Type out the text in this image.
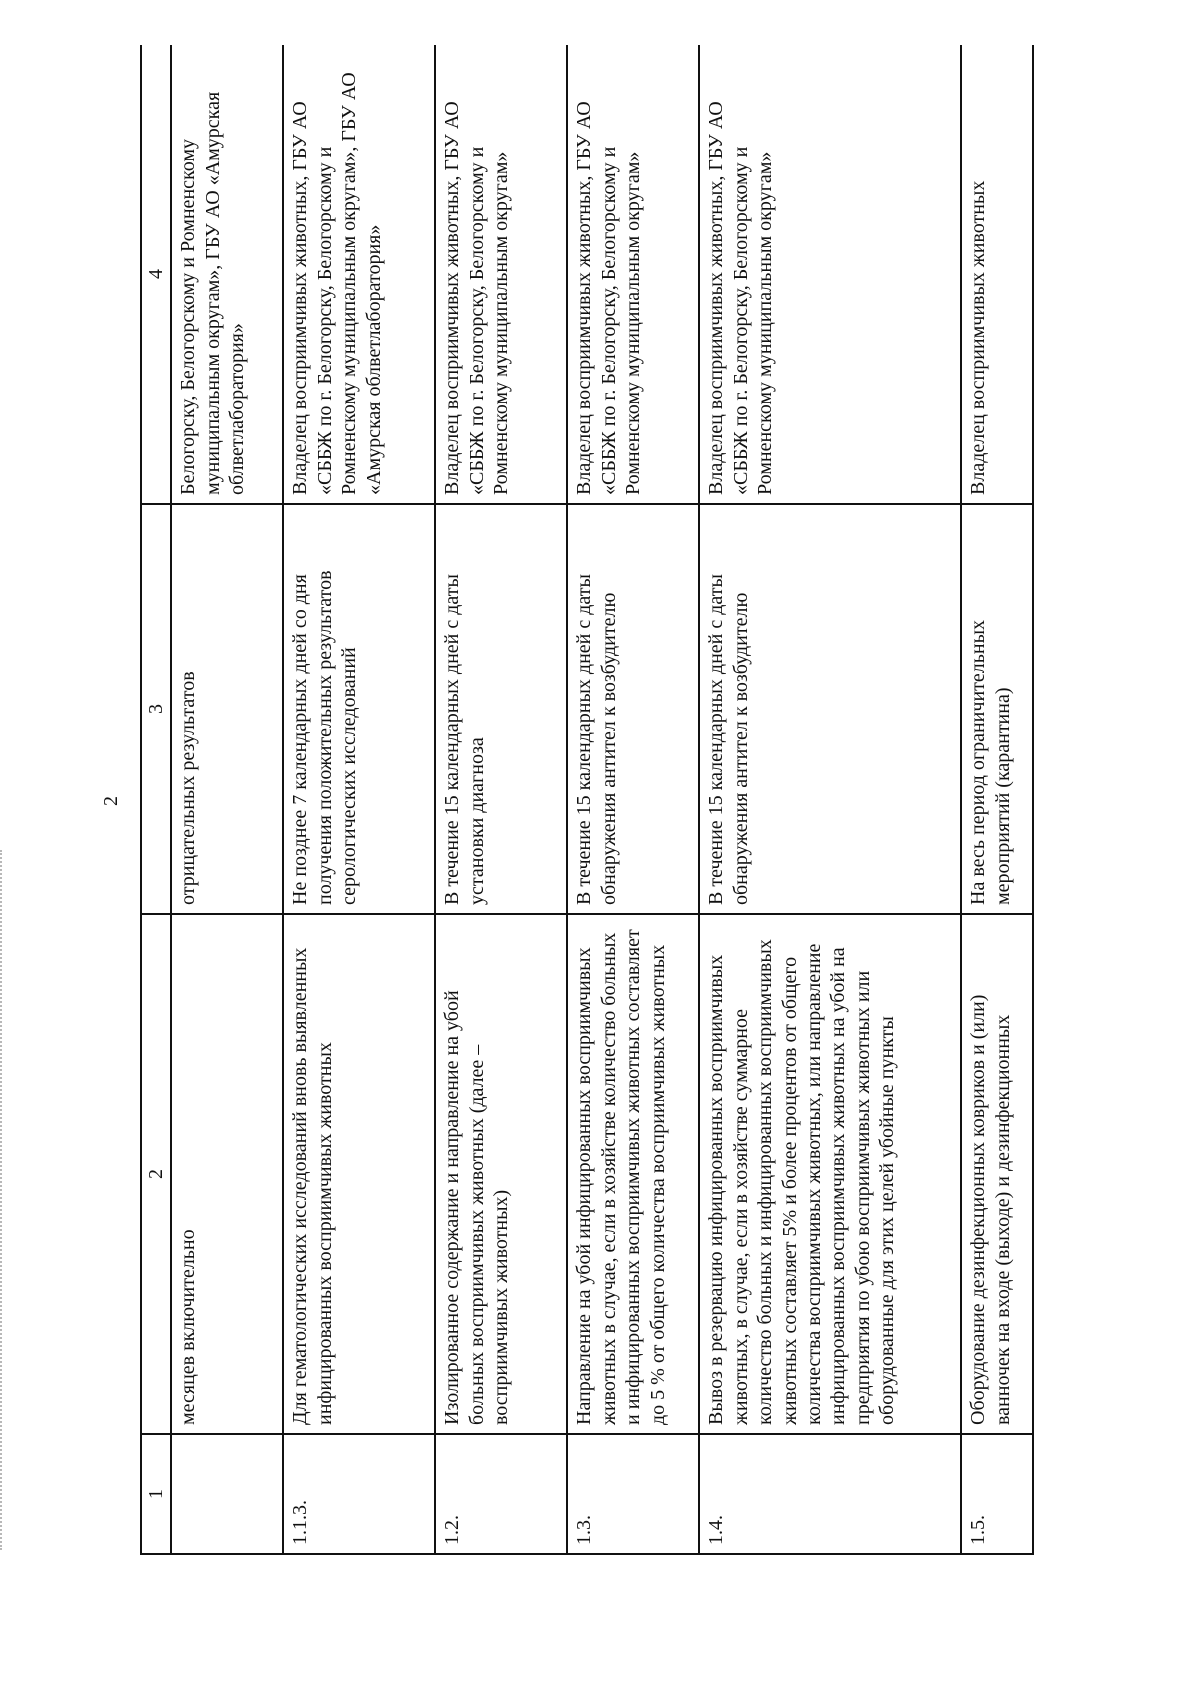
2
1	2	3	4
	месяцев включительно	отрицательных результатов	Белогорску, Белогорскому и Ромненскому муниципальным округам», ГБУ АО «Амурская облветлаборатория»
1.1.3.	Для гематологических исследований вновь выявленных инфицированных восприимчивых животных	Не позднее 7 календарных дней со дня получения положительных результатов серологических исследований	Владелец восприимчивых животных, ГБУ АО «СББЖ по г. Белогорску, Белогорскому и Ромненскому муниципальным округам», ГБУ АО «Амурская облветлаборатория»
1.2.	Изолированное содержание и направление на убой больных восприимчивых животных (далее – восприимчивых животных)	В течение 15 календарных дней с даты установки диагноза	Владелец восприимчивых животных, ГБУ АО «СББЖ по г. Белогорску, Белогорскому и Ромненскому муниципальным округам»
1.3.	Направление на убой инфицированных восприимчивых животных в случае, если в хозяйстве количество больных и инфицированных восприимчивых животных составляет до 5 % от общего количества восприимчивых животных	В течение 15 календарных дней с даты обнаружения антител к возбудителю	Владелец восприимчивых животных, ГБУ АО «СББЖ по г. Белогорску, Белогорскому и Ромненскому муниципальным округам»
1.4.	Вывоз в резервацию инфицированных восприимчивых животных, в случае, если в хозяйстве суммарное количество больных и инфицированных восприимчивых животных составляет 5% и более процентов от общего количества восприимчивых животных, или направление инфицированных восприимчивых животных на убой на предприятия по убою восприимчивых животных или оборудованные для этих целей убойные пункты	В течение 15 календарных дней с даты обнаружения антител к возбудителю	Владелец восприимчивых животных, ГБУ АО «СББЖ по г. Белогорску, Белогорскому и Ромненскому муниципальным округам»
1.5.	Оборудование дезинфекционных ковриков и (или) ванночек на входе (выходе) и дезинфекционных	На весь период ограничительных мероприятий (карантина)	Владелец восприимчивых животных
